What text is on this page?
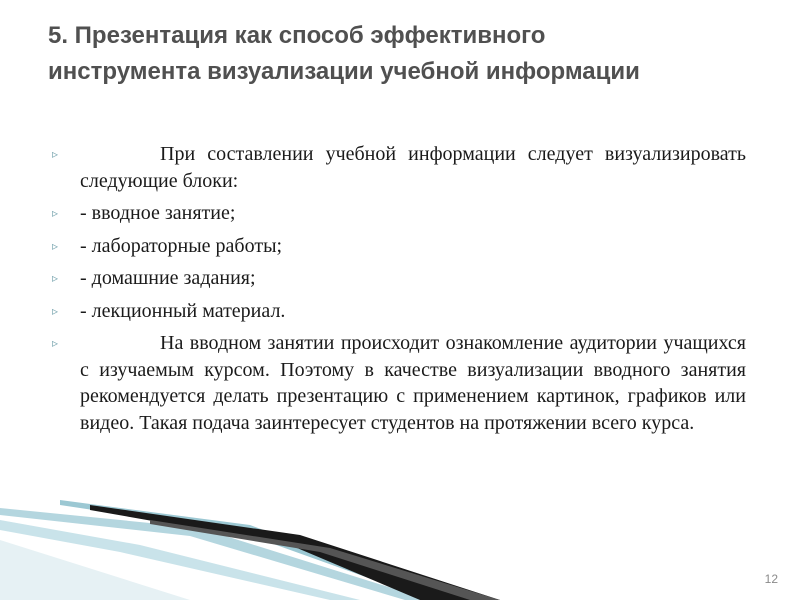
5. Презентация как способ эффективного
инструмента визуализации учебной информации
▹	При составлении учебной информации следует визуализировать следующие блоки:
▹ - вводное занятие;
▹ - лабораторные работы;
▹ - домашние задания;
▹ - лекционный материал.
▹	На вводном занятии происходит ознакомление аудитории учащихся с изучаемым курсом. Поэтому в качестве визуализации вводного занятия рекомендуется делать презентацию с применением картинок, графиков или видео. Такая подача заинтересует студентов на протяжении всего курса.
12
